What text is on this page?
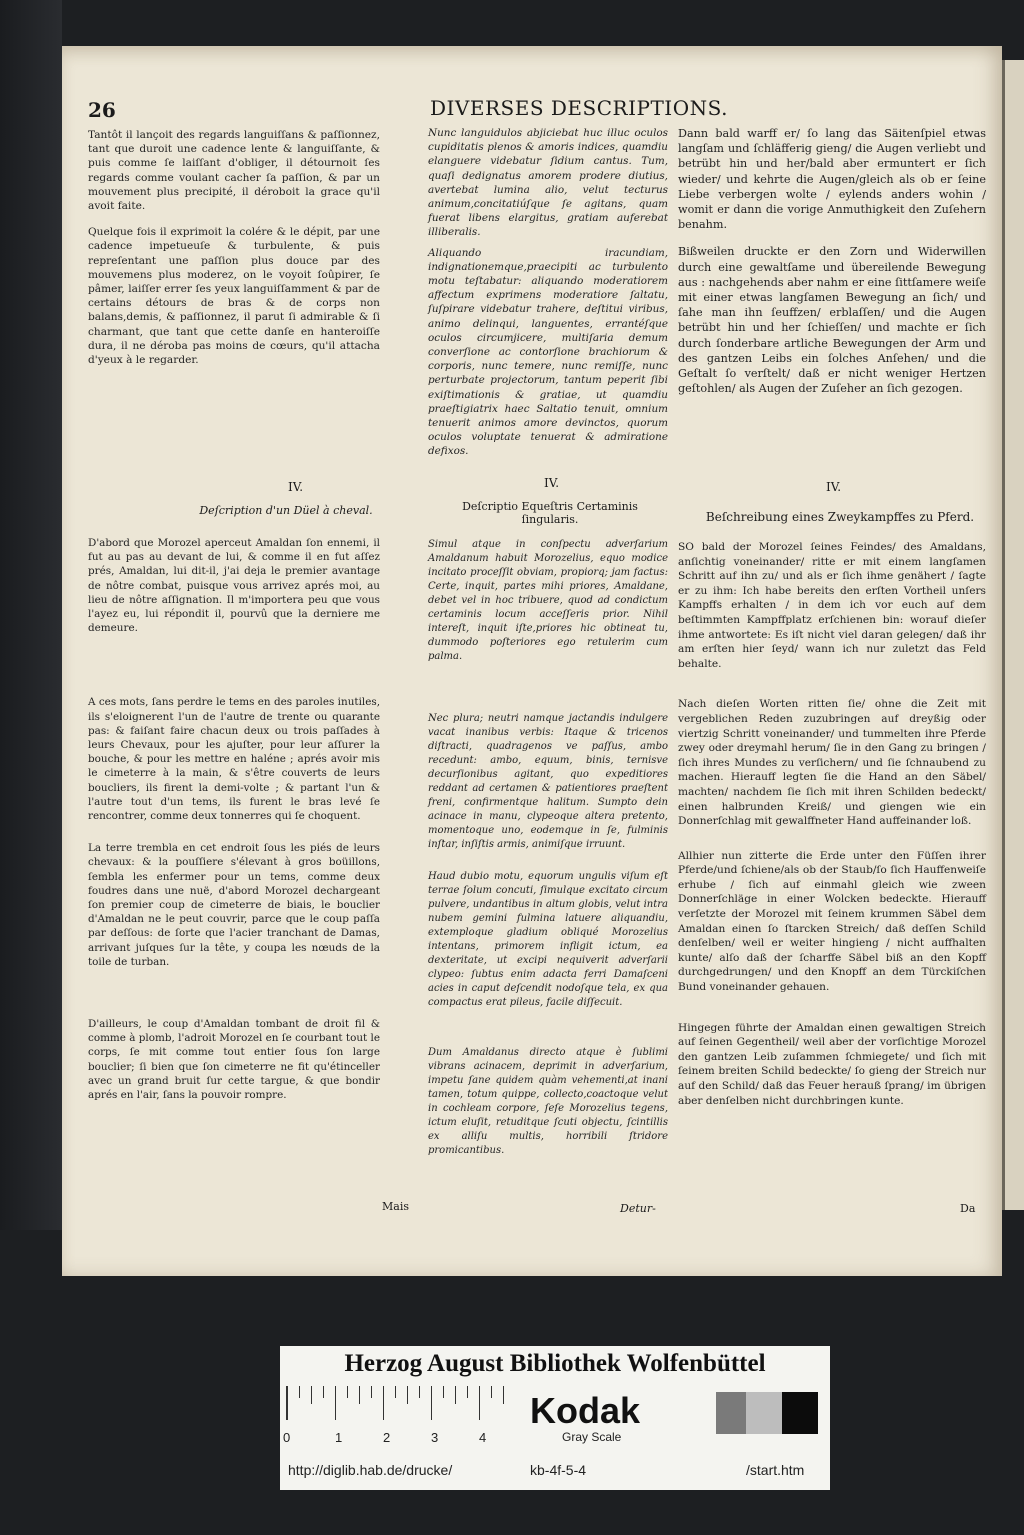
26	DIVERSES DESCRIPTIONS.

Tantôt il lançoit des regards languiſſans & paſſionnez, tant que duroit une cadence lente & languiſſante, & puis comme ſe laiſſant d'obliger, il détournoit ſes regards comme voulant cacher ſa paſſion, & par un mouvement plus precipité, il déroboit la grace qu'il avoit faite.

Quelque fois il exprimoit la colére & le dépit, par une cadence impetueuſe & turbulente, & puis repreſentant une paſſion plus douce par des mouvemens plus moderez, on le voyoit ſoûpirer, ſe pâmer, laiſſer errer ſes yeux languiſſamment & par de certains détours de bras & de corps non balans,demis, & paſſionnez, il parut ſi admirable & ſi charmant, que tant que cette danſe en hanteroiſſe dura, il ne déroba pas moins de cœurs, qu'il attacha d'yeux à le regarder.

Nunc languidulos abjiciebat huc illuc oculos cupiditatis plenos & amoris indices, quamdiu elanguere videbatur ſidium cantus. Tum, quaſi dedignatus amorem prodere diutius, avertebat lumina alio, velut tecturus animum,concitatiúſque ſe agitans, quam fuerat libens elargitus, gratiam auferebat illiberalis.

Aliquando iracundiam, indignationemque,praecipiti ac turbulento motu teſtabatur: aliquando moderatiorem affectum exprimens moderatiore ſaltatu, ſuſpirare videbatur trahere, deſtitui viribus, animo delinqui, languentes, errantéſque oculos circumjicere, multiſaria demum converſione ac contorſione brachiorum & corporis, nunc temere, nunc remiſſe, nunc perturbate projectorum, tantum peperit ſibi exiſtimationis & gratiae, ut quamdiu praeſtigiatrix haec Saltatio tenuit, omnium tenuerit animos amore devinctos, quorum oculos voluptate tenuerat & admiratione defixos.

Dann bald warff er/ ſo lang das Säitenſpiel etwas langſam und ſchläfferig gieng/ die Augen verliebt und betrübt hin und her/bald aber ermuntert er ſich wieder/ und kehrte die Augen/gleich als ob er ſeine Liebe verbergen wolte / eylends anders wohin / womit er dann die vorige Anmuthigkeit den Zuſehern benahm.

Bißweilen druckte er den Zorn und Widerwillen durch eine gewaltſame und übereilende Bewegung aus : nachgehends aber nahm er eine ſittſamere weiſe mit einer etwas langſamen Bewegung an ſich/ und ſahe man ihn ſeuffzen/ erblaſſen/ und die Augen betrübt hin und her ſchieſſen/ und machte er ſich durch ſonderbare artliche Bewegungen der Arm und des gantzen Leibs ein ſolches Anſehen/ und die Geſtalt ſo verſtelt/ daß er nicht weniger Hertzen geſtohlen/ als Augen der Zuſeher an ſich gezogen.

IV.	IV.	IV.
Deſcription d'un Düel à cheval.	Deſcriptio Equeſtris Certaminis ſingularis.	Beſchreibung eines Zweykampffes zu Pferd.

D'abord que Morozel aperceut Amaldan ſon ennemi, il fut au pas au devant de lui, & comme il en fut aſſez prés, Amaldan, lui dit-il, j'ai deja le premier avantage de nôtre combat, puisque vous arrivez aprés moi, au lieu de nôtre aſſignation. Il m'importera peu que vous l'ayez eu, lui répondit il, pourvû que la derniere me demeure.

A ces mots, ſans perdre le tems en des paroles inutiles, ils s'eloignerent l'un de l'autre de trente ou quarante pas: & faiſant faire chacun deux ou trois paſſades à leurs Chevaux, pour les ajuſter, pour leur aſſurer la bouche, & pour les mettre en haléne ; aprés avoir mis le cimeterre à la main, & s'être couverts de leurs boucliers, ils firent la demi-volte ; & partant l'un & l'autre tout d'un tems, ils furent le bras levé ſe rencontrer, comme deux tonnerres qui ſe choquent.

La terre trembla en cet endroit ſous les piés de leurs chevaux: & la pouſſiere s'élevant à gros boüillons, ſembla les enfermer pour un tems, comme deux foudres dans une nuë, d'abord Morozel dechargeant ſon premier coup de cimeterre de biais, le bouclier d'Amaldan ne le peut couvrir, parce que le coup paſſa par deſſous: de ſorte que l'acier tranchant de Damas, arrivant juſques ſur la tête, y coupa les nœuds de la toile de turban.

D'ailleurs, le coup d'Amaldan tombant de droit fil & comme à plomb, l'adroit Morozel en ſe courbant tout le corps, ſe mit comme tout entier ſous ſon large bouclier; ſi bien que ſon cimeterre ne fit qu'étinceller avec un grand bruit ſur cette targue, & que bondir aprés en l'air, ſans la pouvoir rompre.

Simul atque in conſpectu adverſarium Amaldanum habuit Morozelius, equo modice incitato proceſſit obviam, propiorq; jam factus: Certe, inquit, partes mihi priores, Amaldane, debet vel in hoc tribuere, quod ad condictum certaminis locum acceſſeris prior. Nihil intereſt, inquit iſte,priores hic obtineat tu, dummodo poſteriores ego retulerim cum palma.

Nec plura; neutri namque jactandis indulgere vacat inanibus verbis: Itaque & tricenos diſtracti, quadragenos ve paſſus, ambo recedunt: ambo, equum, binis, ternisve decurſionibus agitant, quo expeditiores reddant ad certamen & patientiores praeſtent freni, confirmentque halitum. Sumpto dein acinace in manu, clypeoque altera pretento, momentoque uno, eodemque in ſe, fulminis inſtar, inſiſtis armis, animiſque irruunt.

Haud dubio motu, equorum ungulis viſum eſt terrae ſolum concuti, ſimulque excitato circum pulvere, undantibus in altum globis, velut intra nubem gemini fulmina latuere aliquandiu, extemploque gladium obliqué Morozelius intentans, primorem infligit ictum, ea dexteritate, ut excipi nequiverit adverſarii clypeo: ſubtus enim adacta ferri Damaſceni acies in caput deſcendit nodoſque tela, ex qua compactus erat pileus, facile diſſecuit.

Dum Amaldanus directo atque è ſublimi vibrans acinacem, deprimit in adverſarium, impetu ſane quidem quàm vehementi,at inani tamen, totum quippe, collecto,coactoque velut in cochleam corpore, ſeſe Morozelius tegens, ictum eluſit, retuditque ſcuti objectu, ſcintillis ex alliſu multis, horribili ſtridore promicantibus.

SO bald der Morozel ſeines Feindes/ des Amaldans, anſichtig voneinander/ ritte er mit einem langſamen Schritt auf ihn zu/ und als er ſich ihme genähert / ſagte er zu ihm: Ich habe bereits den erſten Vortheil unſers Kampffs erhalten / in dem ich vor euch auf dem beſtimmten Kampffplatz erſchienen bin: worauf dieſer ihme antwortete: Es iſt nicht viel daran gelegen/ daß ihr am erſten hier ſeyd/ wann ich nur zuletzt das Feld behalte.

Nach dieſen Worten ritten ſie/ ohne die Zeit mit vergeblichen Reden zuzubringen auf dreyßig oder viertzig Schritt voneinander/ und tummelten ihre Pferde zwey oder dreymahl herum/ ſie in den Gang zu bringen / ſich ihres Mundes zu verſichern/ und ſie ſchnaubend zu machen. Hierauff legten ſie die Hand an den Säbel/ machten/ nachdem ſie ſich mit ihren Schilden bedeckt/ einen halbrunden Kreiß/ und giengen wie ein Donnerſchlag mit gewalffneter Hand auffeinander loß.

Allhier nun zitterte die Erde unter den Füſſen ihrer Pferde/und ſchiene/als ob der Staub/ſo ſich Hauffenweiſe erhube / ſich auf einmahl gleich wie zween Donnerſchläge in einer Wolcken bedeckte. Hierauff verſetzte der Morozel mit ſeinem krummen Säbel dem Amaldan einen ſo ſtarcken Streich/ daß deſſen Schild denſelben/ weil er weiter hingieng / nicht auffhalten kunte/ alſo daß der ſcharffe Säbel biß an den Kopff durchgedrungen/ und den Knopff an dem Türckiſchen Bund voneinander gehauen.

Hingegen führte der Amaldan einen gewaltigen Streich auf ſeinen Gegentheil/ weil aber der vorſichtige Morozel den gantzen Leib zuſammen ſchmiegete/ und ſich mit ſeinem breiten Schild bedeckte/ ſo gieng der Streich nur auf den Schild/ daß das Feuer herauß ſprang/ im übrigen aber denſelben nicht durchbringen kunte.

Mais	Detur-	Da
Herzog August Bibliothek Wolfenbüttel
0	1	2	3	4
Kodak
Gray Scale
http://diglib.hab.de/drucke/	kb-4f-5-4	/start.htm
